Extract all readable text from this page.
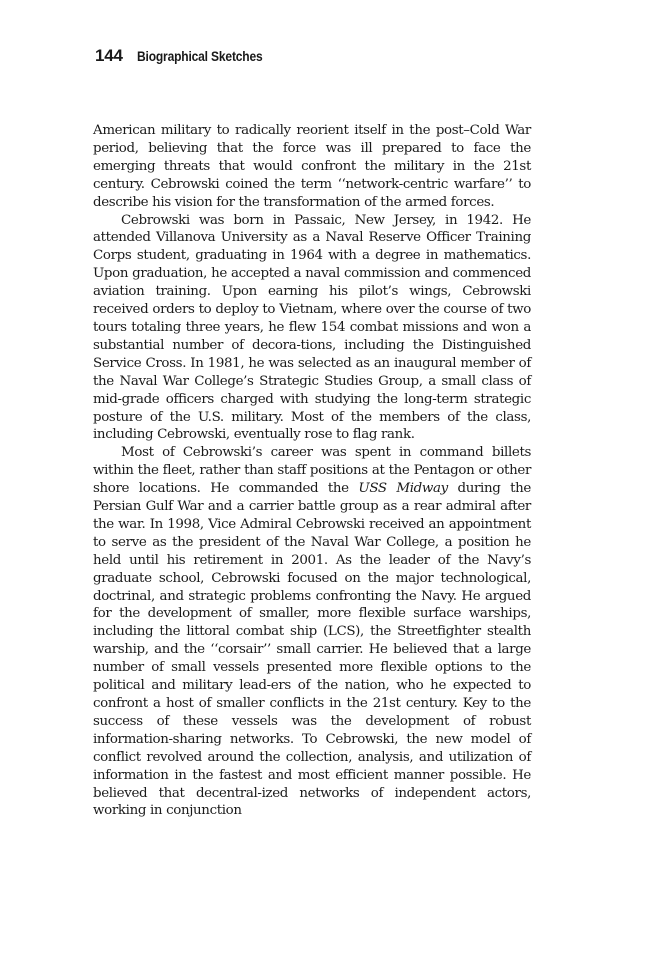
144 Biographical Sketches

American military to radically reorient itself in the post–Cold War period, believing that the force was ill prepared to face the emerging threats that would confront the military in the 21st century. Cebrowski coined the term ‘‘network-centric warfare’’ to describe his vision for the transformation of the armed forces.

Cebrowski was born in Passaic, New Jersey, in 1942. He attended Villanova University as a Naval Reserve Officer Training Corps student, graduating in 1964 with a degree in mathematics. Upon graduation, he accepted a naval commission and commenced aviation training. Upon earning his pilot’s wings, Cebrowski received orders to deploy to Vietnam, where over the course of two tours totaling three years, he flew 154 combat missions and won a substantial number of decora-tions, including the Distinguished Service Cross. In 1981, he was selected as an inaugural member of the Naval War College’s Strategic Studies Group, a small class of mid-grade officers charged with studying the long-term strategic posture of the U.S. military. Most of the members of the class, including Cebrowski, eventually rose to flag rank.

Most of Cebrowski’s career was spent in command billets within the fleet, rather than staff positions at the Pentagon or other shore locations. He commanded the USS Midway during the Persian Gulf War and a carrier battle group as a rear admiral after the war. In 1998, Vice Admiral Cebrowski received an appointment to serve as the president of the Naval War College, a position he held until his retirement in 2001. As the leader of the Navy’s graduate school, Cebrowski focused on the major technological, doctrinal, and strategic problems confronting the Navy. He argued for the development of smaller, more flexible surface warships, including the littoral combat ship (LCS), the Streetfighter stealth warship, and the ‘‘corsair’’ small carrier. He believed that a large number of small vessels presented more flexible options to the political and military lead-ers of the nation, who he expected to confront a host of smaller conflicts in the 21st century. Key to the success of these vessels was the development of robust information-sharing networks. To Cebrowski, the new model of conflict revolved around the collection, analysis, and utilization of information in the fastest and most efficient manner possible. He believed that decentral-ized networks of independent actors, working in conjunction
